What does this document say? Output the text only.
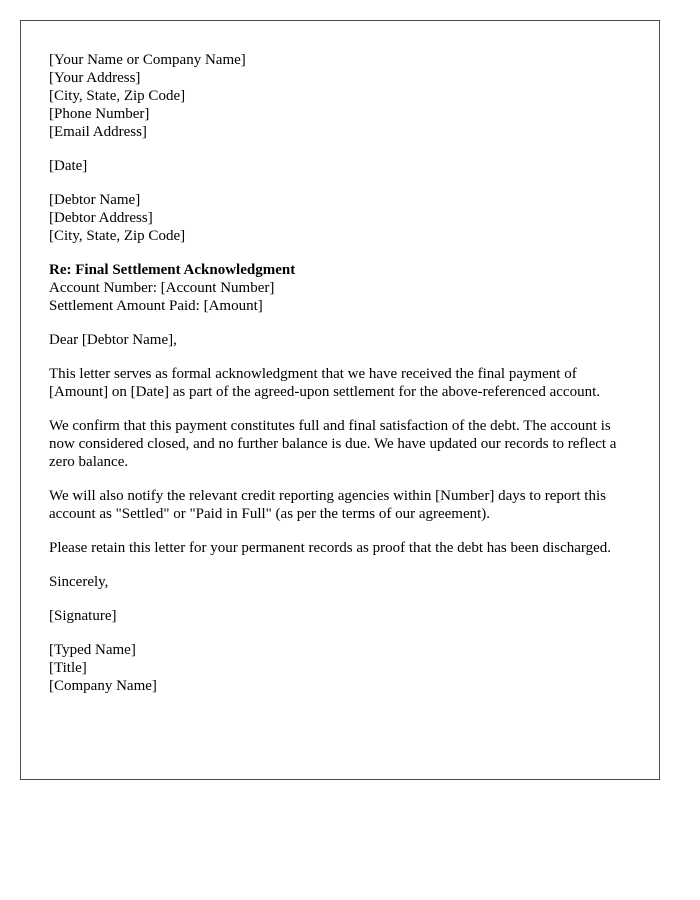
[Your Name or Company Name]
[Your Address]
[City, State, Zip Code]
[Phone Number]
[Email Address]
[Date]
[Debtor Name]
[Debtor Address]
[City, State, Zip Code]
Re: Final Settlement Acknowledgment
Account Number: [Account Number]
Settlement Amount Paid: [Amount]
Dear [Debtor Name],

This letter serves as formal acknowledgment that we have received the final payment of [Amount] on [Date] as part of the agreed-upon settlement for the above-referenced account.

We confirm that this payment constitutes full and final satisfaction of the debt. The account is now considered closed, and no further balance is due. We have updated our records to reflect a zero balance.

We will also notify the relevant credit reporting agencies within [Number] days to report this account as "Settled" or "Paid in Full" (as per the terms of our agreement).

Please retain this letter for your permanent records as proof that the debt has been discharged.

Sincerely,
[Signature]
[Typed Name]
[Title]
[Company Name]
